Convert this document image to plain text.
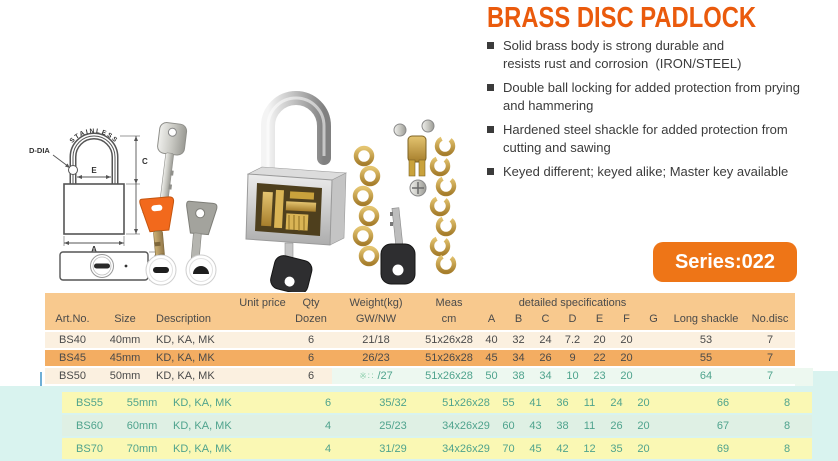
BRASS DISC PADLOCK
Solid brass body is strong durable and
resists rust and corrosion  (IRON/STEEL)
Double ball locking for added protection from prying
and hammering
Hardened steel shackle for added protection from
cutting and sawing
Keyed different; keyed alike; Master key available
STAINLESS
D-DIA
E
C
A
Series:022
			Unit price	Qty	Weight(kg)	Meas	detailed specifications								
Art.No.	Size	Description		Dozen	GW/NW	cm	A	B	C	D	E	F	G	Long shackle	No.disc
BS40	40mm	KD, KA, MK		6	21/18	51x26x28	40	32	24	7.2	20	20		53	7
BS45	45mm	KD, KA, MK		6	26/23	51x26x28	45	34	26	9	22	20		55	7
BS50	50mm	KD, KA, MK		6	※∷ /27	51x26x28	50	38	34	10	23	20		64	7
BS55	55mm	KD, KA, MK		6	35/32	51x26x28	55	41	36	11	24	20		66	8
BS60	60mm	KD, KA, MK		4	25/23	34x26x29	60	43	38	11	26	20		67	8
BS70	70mm	KD, KA, MK		4	31/29	34x26x29	70	45	42	12	35	20		69	8
